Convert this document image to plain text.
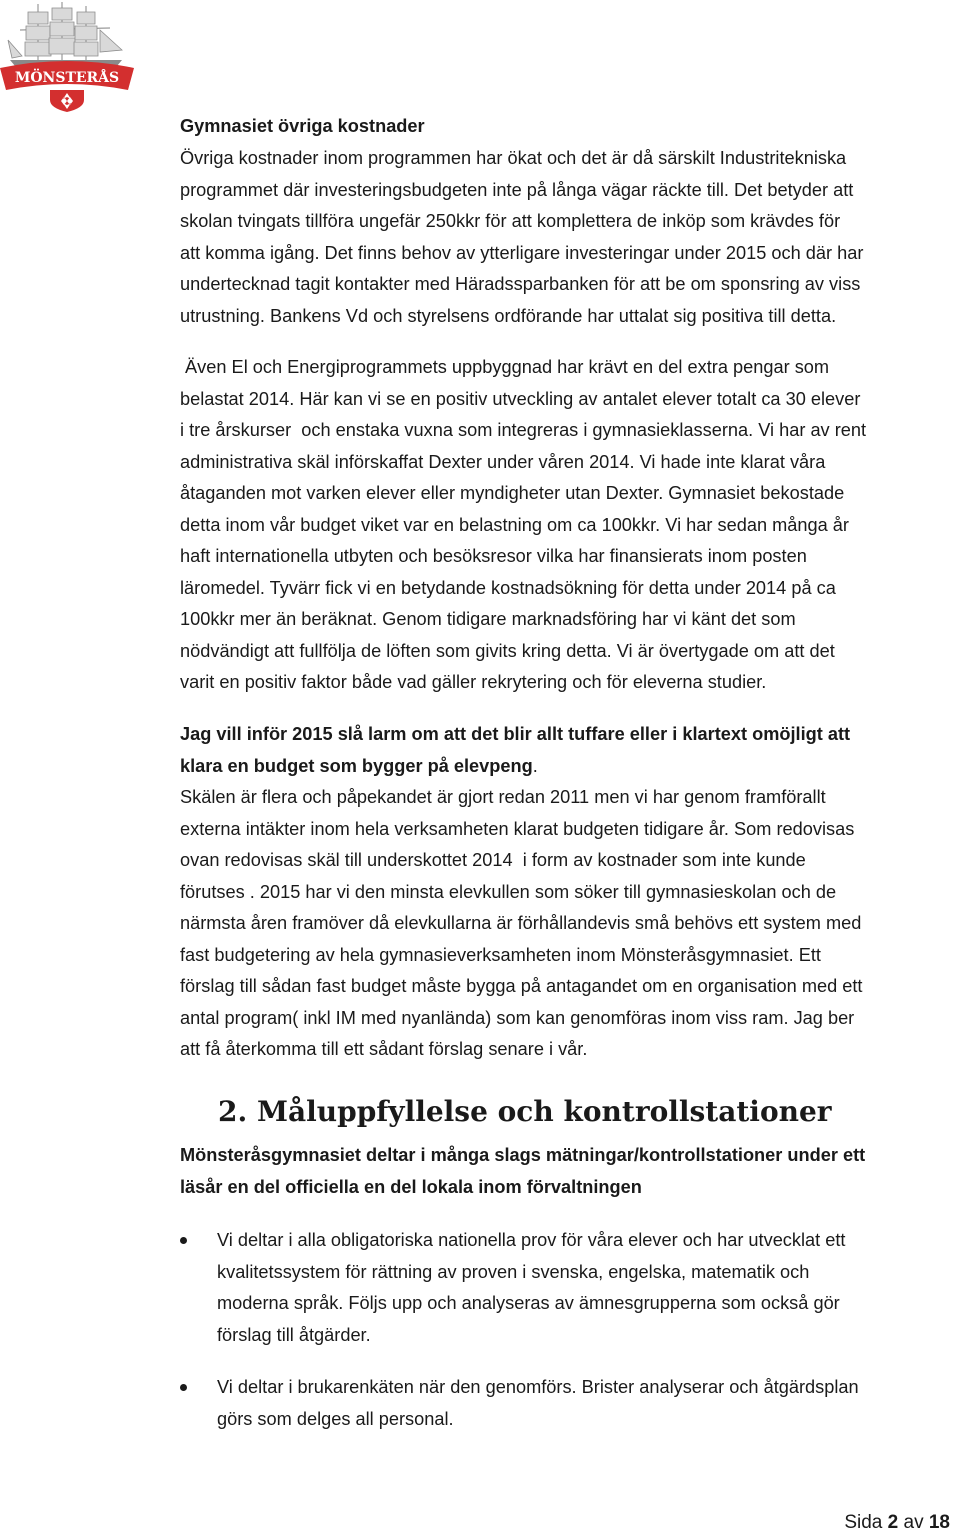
MÖNSTERÅS
Gymnasiet övriga kostnader
Övriga kostnader inom programmen har ökat och det är då särskilt Industritekniska
programmet där investeringsbudgeten inte på långa vägar räckte till. Det betyder att
skolan tvingats tillföra ungefär 250kkr för att komplettera de inköp som krävdes för
att komma igång. Det finns behov av ytterligare investeringar under 2015 och där har
undertecknad tagit kontakter med Häradssparbanken för att be om sponsring av viss
utrustning. Bankens Vd och styrelsens ordförande har uttalat sig positiva till detta.
Även El och Energiprogrammets uppbyggnad har krävt en del extra pengar som
belastat 2014. Här kan vi se en positiv utveckling av antalet elever totalt ca 30 elever
i tre årskurser  och enstaka vuxna som integreras i gymnasieklasserna. Vi har av rent
administrativa skäl införskaffat Dexter under våren 2014. Vi hade inte klarat våra
åtaganden mot varken elever eller myndigheter utan Dexter. Gymnasiet bekostade
detta inom vår budget viket var en belastning om ca 100kkr. Vi har sedan många år
haft internationella utbyten och besöksresor vilka har finansierats inom posten
läromedel. Tyvärr fick vi en betydande kostnadsökning för detta under 2014 på ca
100kkr mer än beräknat. Genom tidigare marknadsföring har vi känt det som
nödvändigt att fullfölja de löften som givits kring detta. Vi är övertygade om att det
varit en positiv faktor både vad gäller rekrytering och för eleverna studier.
Jag vill inför 2015 slå larm om att det blir allt tuffare eller i klartext omöjligt att
klara en budget som bygger på elevpeng.
Skälen är flera och påpekandet är gjort redan 2011 men vi har genom framförallt
externa intäkter inom hela verksamheten klarat budgeten tidigare år. Som redovisas
ovan redovisas skäl till underskottet 2014  i form av kostnader som inte kunde
förutses . 2015 har vi den minsta elevkullen som söker till gymnasieskolan och de
närmsta åren framöver då elevkullarna är förhållandevis små behövs ett system med
fast budgetering av hela gymnasieverksamheten inom Mönsteråsgymnasiet. Ett
förslag till sådan fast budget måste bygga på antagandet om en organisation med ett
antal program( inkl IM med nyanlända) som kan genomföras inom viss ram. Jag ber
att få återkomma till ett sådant förslag senare i vår.
2. Måluppfyllelse och kontrollstationer
Mönsteråsgymnasiet deltar i många slags mätningar/kontrollstationer under ett
läsår en del officiella en del lokala inom förvaltningen
Vi deltar i alla obligatoriska nationella prov för våra elever och har utvecklat ett
kvalitetssystem för rättning av proven i svenska, engelska, matematik och
moderna språk. Följs upp och analyseras av ämnesgrupperna som också gör
förslag till åtgärder.
Vi deltar i brukarenkäten när den genomförs. Brister analyserar och åtgärdsplan
görs som delges all personal.
Sida 2 av 18
